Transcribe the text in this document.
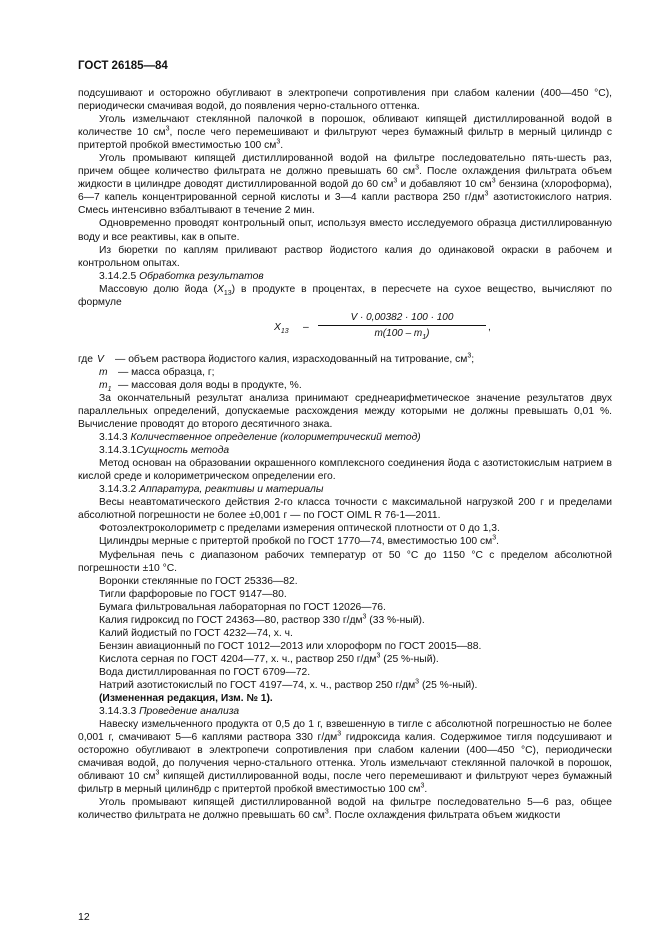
ГОСТ 26185—84

подсушивают и осторожно обугливают в электропечи сопротивления при слабом калении (400—450 °С), периодически смачивая водой, до появления черно-стального оттенка.

Уголь измельчают стеклянной палочкой в порошок, обливают кипящей дистиллированной водой в количестве 10 $см^3$, после чего перемешивают и фильтруют через бумажный фильтр в мерный цилиндр с притертой пробкой вместимостью 100 $см^3$.

Уголь промывают кипящей дистиллированной водой на фильтре последовательно пять-шесть раз, причем общее количество фильтрата не должно превышать 60 $см^3$. После охлаждения фильтрата объем жидкости в цилиндре доводят дистиллированной водой до 60 $см^3$ и добавляют 10 $см^3$ бензина (хлороформа), 6—7 капель концентрированной серной кислоты и 3—4 капли раствора 250 $г/дм^3$ азотистокислого натрия. Смесь интенсивно взбалтывают в течение 2 мин.

Одновременно проводят контрольный опыт, используя вместо исследуемого образца дистиллированную воду и все реактивы, как в опыте.

Из бюретки по каплям приливают раствор йодистого калия до одинаковой окраски в рабочем и контрольном опытах.

3.14.2.5 Обработка результатов

Массовую долю йода $(X_{13})$ в продукте в процентах, в пересчете на сухое вещество, вычисляют по формуле

$X_{13} - \frac{V \cdot 0,00382 \cdot 100 \cdot 100}{m(100 - m_1)}$ ,
где V	— объем раствора йодистого калия, израсходованный на титрование, $см^3$;
m	— масса образца, г;
$m_1$ — массовая доля воды в продукте, %.

За окончательный результат анализа принимают среднеарифметическое значение результатов двух параллельных определений, допускаемые расхождения между которыми не должны превышать 0,01 %. Вычисление проводят до второго десятичного знака.

3.14.3 Количественное определение (колориметрический метод)

3.14.3.1Сущность метода

Метод основан на образовании окрашенного комплексного соединения йода с азотистокислым натрием в кислой среде и колориметрическом определении его.

3.14.3.2 Аппаратура, реактивы и материалы

Весы неавтоматического действия 2-го класса точности с максимальной нагрузкой 200 г и пределами абсолютной погрешности не более ±0,001 г — по ГОСТ OIML R 76-1—2011.

Фотоэлектроколориметр с пределами измерения оптической плотности от 0 до 1,3.

Цилиндры мерные с притертой пробкой по ГОСТ 1770—74, вместимостью 100 $см^3$.

Муфельная печь с диапазоном рабочих температур от 50 °С до 1150 °С с пределом абсолютной погрешности ±10 °С.

Воронки стеклянные по ГОСТ 25336—82.

Тигли фарфоровые по ГОСТ 9147—80.

Бумага фильтровальная лабораторная по ГОСТ 12026—76.

Калия гидроксид по ГОСТ 24363—80, раствор 330 $г/дм^3$ (33 %-ный).

Калий йодистый по ГОСТ 4232—74, х. ч.

Бензин авиационный по ГОСТ 1012—2013 или хлороформ по ГОСТ 20015—88.

Кислота серная по ГОСТ 4204—77, х. ч., раствор 250 $г/дм^3$ (25 %-ный).

Вода дистиллированная по ГОСТ 6709—72.

Натрий азотистокислый по ГОСТ 4197—74, х. ч., раствор 250 $г/дм^3$ (25 %-ный).

(Измененная редакция, Изм. № 1).

3.14.3.3 Проведение анализа

Навеску измельченного продукта от 0,5 до 1 г, взвешенную в тигле с абсолютной погрешностью не более 0,001 г, смачивают 5—6 каплями раствора 330 $г/дм^3$ гидроксида калия. Содержимое тигля подсушивают и осторожно обугливают в электропечи сопротивления при слабом калении (400—450 °С), периодически смачивая водой, до получения черно-стального оттенка. Уголь измельчают стеклянной палочкой в порошок, обливают 10 $см^3$ кипящей дистиллированной воды, после чего перемешивают и фильтруют через бумажный фильтр в мерный цилин6др с притертой пробкой вместимостью 100 $см^3$.

Уголь промывают кипящей дистиллированной водой на фильтре последовательно 5—6 раз, общее количество фильтрата не должно превышать 60 $см^3$. После охлаждения фильтрата объем жидкости

12
